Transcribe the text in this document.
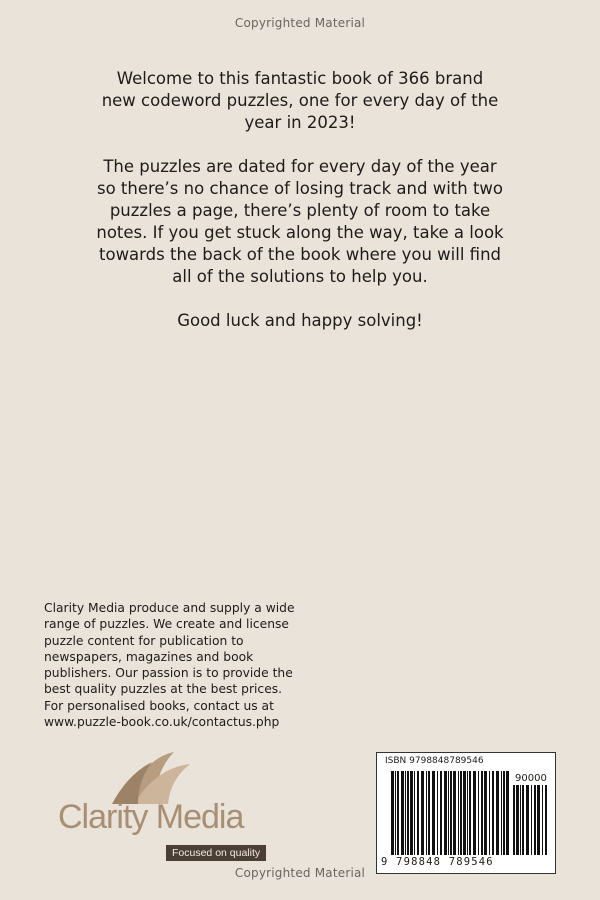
Copyrighted Material

Welcome to this fantastic book of 366 brand
new codeword puzzles, one for every day of the
year in 2023!

The puzzles are dated for every day of the year
so there’s no chance of losing track and with two
puzzles a page, there’s plenty of room to take
notes. If you get stuck along the way, take a look
towards the back of the book where you will find
all of the solutions to help you.

Good luck and happy solving!

Clarity Media produce and supply a wide
range of puzzles. We create and license
puzzle content for publication to
newspapers, magazines and book
publishers. Our passion is to provide the
best quality puzzles at the best prices.
For personalised books, contact us at
www.puzzle-book.co.uk/contactus.php
Clarity Media
Focused on quality
ISBN 9798848789546
90000
9 798848 789546
Copyrighted Material
